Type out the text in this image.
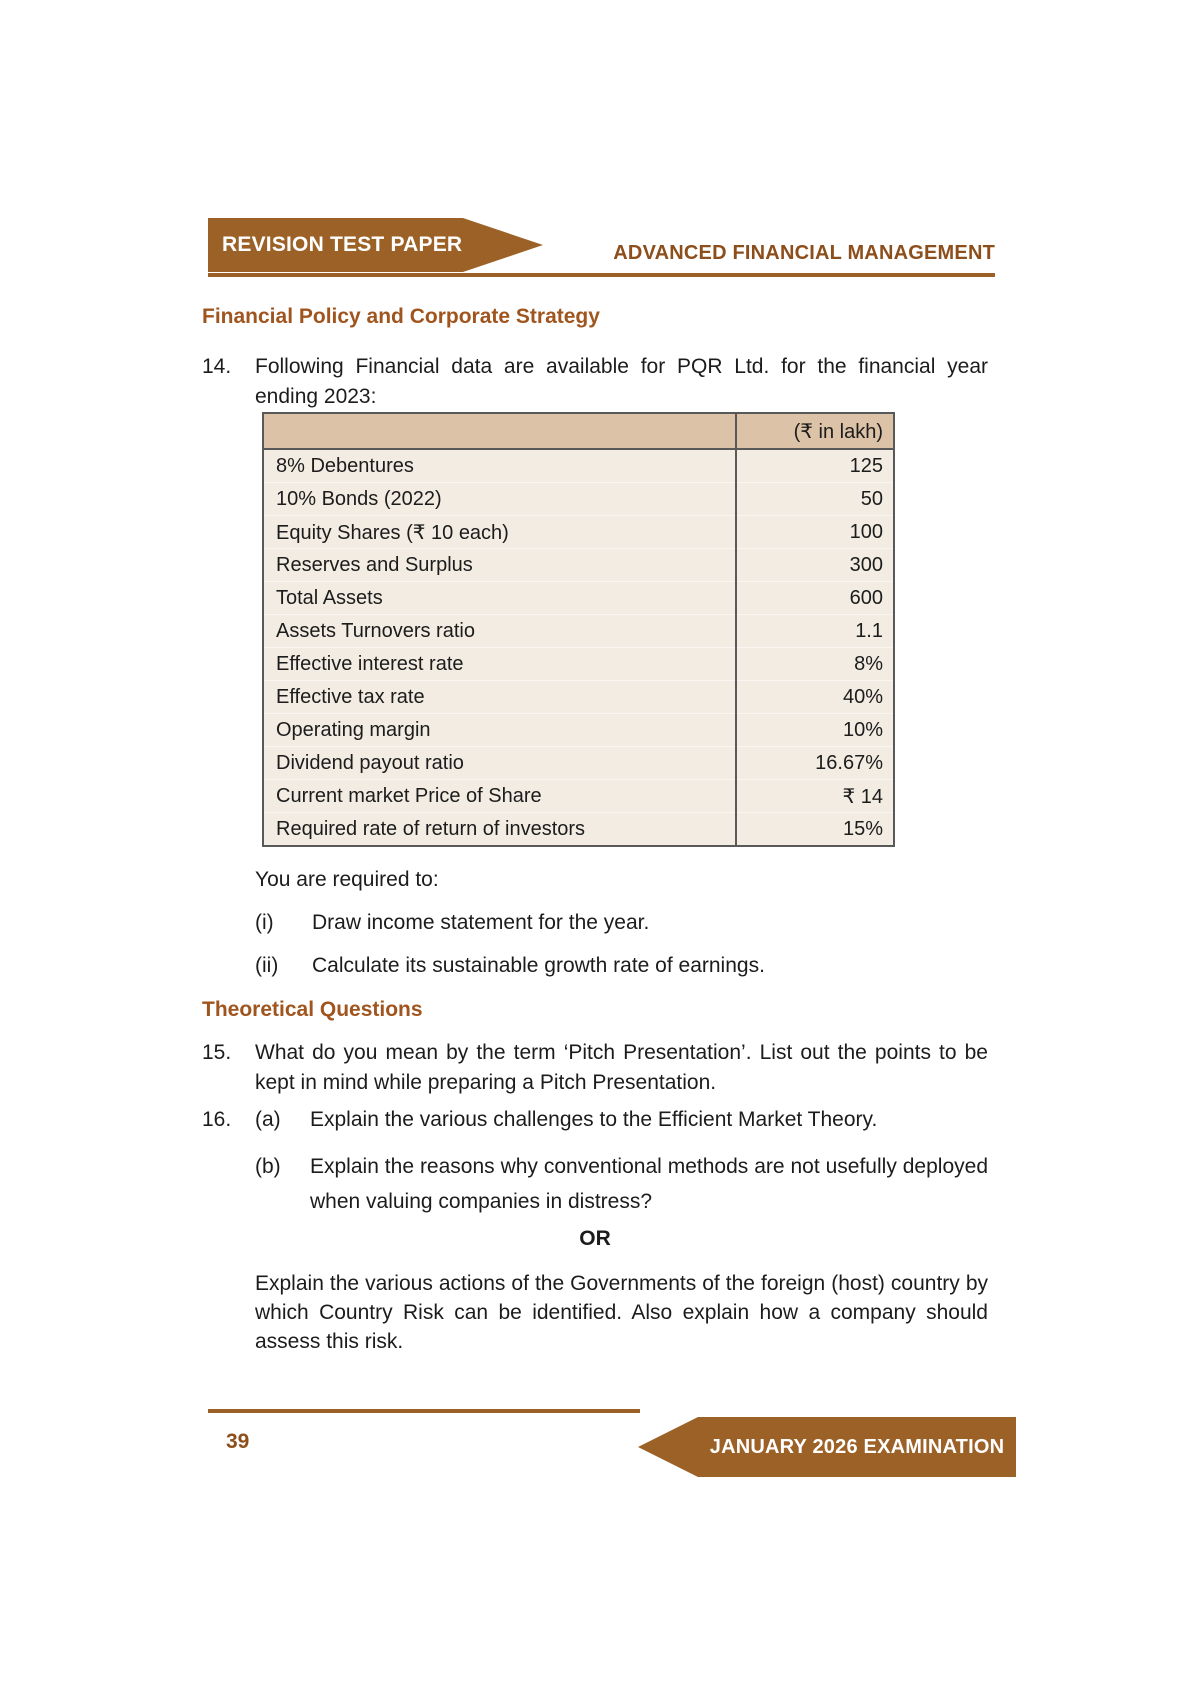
REVISION TEST PAPERS	ADVANCED FINANCIAL MANAGEMENT
Financial Policy and Corporate Strategy
14.	Following Financial data are available for PQR Ltd. for the financial year ending 2023:
	(₹ in lakh)
8% Debentures	125
10% Bonds (2022)	50
Equity Shares (₹ 10 each)	100
Reserves and Surplus	300
Total Assets	600
Assets Turnovers ratio	1.1
Effective interest rate	8%
Effective tax rate	40%
Operating margin	10%
Dividend payout ratio	16.67%
Current market Price of Share	₹ 14
Required rate of return of investors	15%
You are required to:
(i)	Draw income statement for the year.
(ii)	Calculate its sustainable growth rate of earnings.
Theoretical Questions
15.	What do you mean by the term ‘Pitch Presentation’. List out the points to be kept in mind while preparing a Pitch Presentation.
16.	(a)	Explain the various challenges to the Efficient Market Theory.
(b)	Explain the reasons why conventional methods are not usefully deployed when valuing companies in distress?
OR
Explain the various actions of the Governments of the foreign (host) country by which Country Risk can be identified. Also explain how a company should assess this risk.
39	JANUARY 2026 EXAMINATION
